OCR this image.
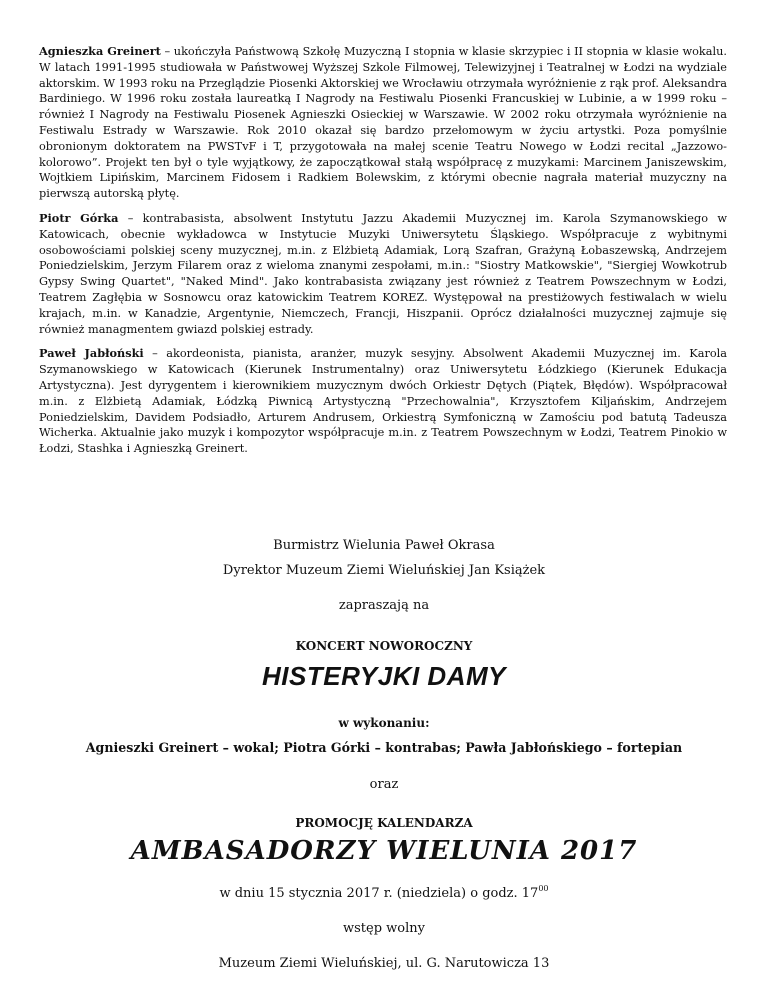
Agnieszka Greinert – ukończyła Państwową Szkołę Muzyczną I stopnia w klasie skrzypiec i II stopnia w klasie wokalu. W latach 1991-1995 studiowała w Państwowej Wyższej Szkole Filmowej, Telewizyjnej i Teatralnej w Łodzi na wydziale aktorskim. W 1993 roku na Przeglądzie Piosenki Aktorskiej we Wrocławiu otrzymała wyróżnienie z rąk prof. Aleksandra Bardiniego. W 1996 roku została laureatką I Nagrody na Festiwalu Piosenki Francuskiej w Lubinie, a w 1999 roku – również I Nagrody na Festiwalu Piosenek Agnieszki Osieckiej w Warszawie. W 2002 roku otrzymała wyróżnienie na Festiwalu Estrady w Warszawie. Rok 2010 okazał się bardzo przełomowym w życiu artystki. Poza pomyślnie obronionym doktoratem na PWSTvF i T, przygotowała na małej scenie Teatru Nowego w Łodzi recital „Jazzowo-kolorowo”. Projekt ten był o tyle wyjątkowy, że zapoczątkował stałą współpracę z muzykami: Marcinem Janiszewskim, Wojtkiem Lipińskim, Marcinem Fidosem i Radkiem Bolewskim, z którymi obecnie nagrała materiał muzyczny na pierwszą autorską płytę.

Piotr Górka – kontrabasista, absolwent Instytutu Jazzu Akademii Muzycznej im. Karola Szymanowskiego w Katowicach, obecnie wykładowca w Instytucie Muzyki Uniwersytetu Śląskiego. Współpracuje z wybitnymi osobowościami polskiej sceny muzycznej, m.in. z Elżbietą Adamiak, Lorą Szafran, Grażyną Łobaszewską, Andrzejem Poniedzielskim, Jerzym Filarem oraz z wieloma znanymi zespołami, m.in.: "Siostry Matkowskie", "Siergiej Wowkotrub Gypsy Swing Quartet", "Naked Mind". Jako kontrabasista związany jest również z Teatrem Powszechnym w Łodzi, Teatrem Zagłębia w Sosnowcu oraz katowickim Teatrem KOREZ. Występował na prestiżowych festiwalach w wielu krajach, m.in. w Kanadzie, Argentynie, Niemczech, Francji, Hiszpanii. Oprócz działalności muzycznej zajmuje się również managmentem gwiazd polskiej estrady.

Paweł Jabłoński – akordeonista, pianista, aranżer, muzyk sesyjny. Absolwent Akademii Muzycznej im. Karola Szymanowskiego w Katowicach (Kierunek Instrumentalny) oraz Uniwersytetu Łódzkiego (Kierunek Edukacja Artystyczna). Jest dyrygentem i kierownikiem muzycznym dwóch Orkiestr Dętych (Piątek, Błędów). Współpracował m.in. z Elżbietą Adamiak, Łódzką Piwnicą Artystyczną "Przechowalnia", Krzysztofem Kiljańskim, Andrzejem Poniedzielskim, Davidem Podsiadło, Arturem Andrusem, Orkiestrą Symfoniczną w Zamościu pod batutą Tadeusza Wicherka. Aktualnie jako muzyk i kompozytor współpracuje m.in. z Teatrem Powszechnym w Łodzi, Teatrem Pinokio w Łodzi, Stashka i Agnieszką Greinert.

Burmistrz Wielunia Paweł Okrasa
Dyrektor Muzeum Ziemi Wieluńskiej Jan Książek
zapraszają na
KONCERT NOWOROCZNY
HISTERYJKI DAMY
w wykonaniu:
Agnieszki Greinert – wokal; Piotra Górki – kontrabas; Pawła Jabłońskiego – fortepian
oraz
PROMOCJĘ KALENDARZA
AMBASADORZY WIELUNIA 2017
w dniu 15 stycznia 2017 r. (niedziela) o godz. $17^{00}$
wstęp wolny
Muzeum Ziemi Wieluńskiej, ul. G. Narutowicza 13
